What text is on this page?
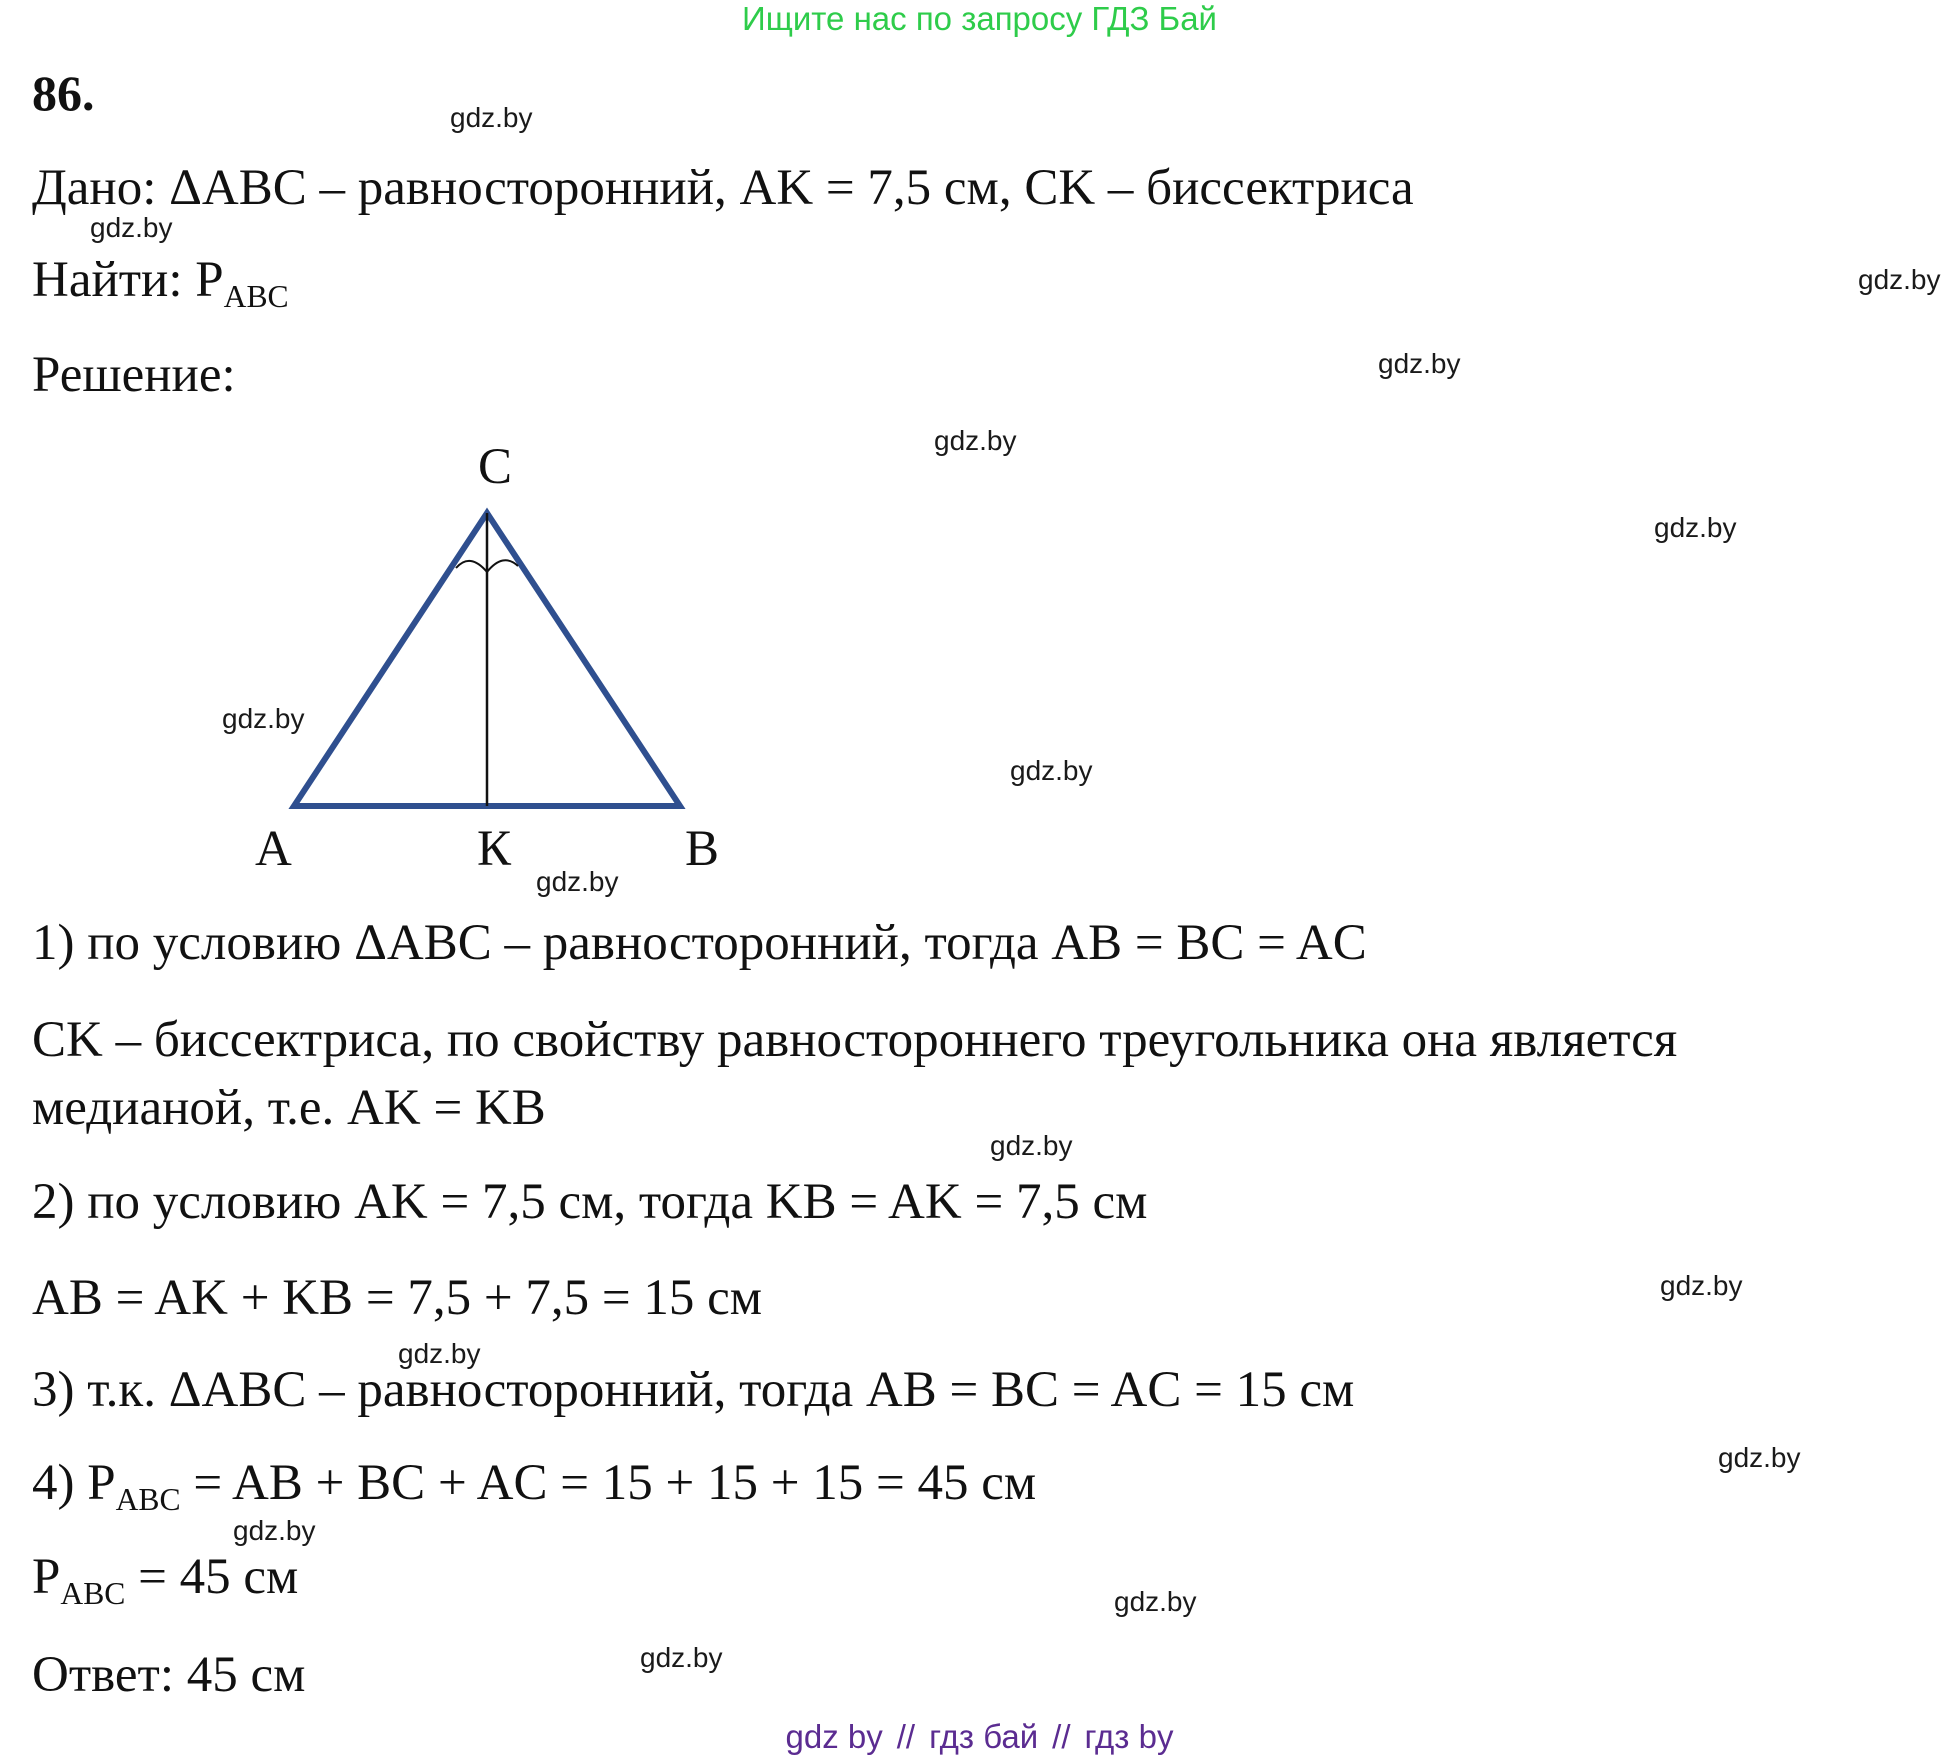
Ищите нас по запросу ГДЗ Бай
86.
Дано: ΔABC – равносторонний, AK = 7,5 см, CK – биссектриса
Найти: $P_{ABC}$
Решение:
C
A	К	B
1) по условию ΔABC – равносторонний, тогда AB = BC = AC
CK – биссектриса, по свойству равностороннего треугольника она является
медианой, т.е. AK = KB
2) по условию AK = 7,5 см, тогда KB = AK = 7,5 см
AB = AK + KB = 7,5 + 7,5 = 15 см
3) т.к. ΔABC – равносторонний, тогда AB = BC = AC = 15 см
4) $P_{ABC}$ = AB + BC + AC = 15 + 15 + 15 = 45 см
$P_{ABC} = 45$ см
Ответ: 45 см
gdz.by
gdz.by
gdz.by
gdz.by
gdz.by
gdz.by
gdz.by
gdz.by
gdz.by
gdz.by
gdz.by
gdz.by
gdz.by
gdz.by
gdz.by
gdz.by
gdz by // гдз бай // гдз by
